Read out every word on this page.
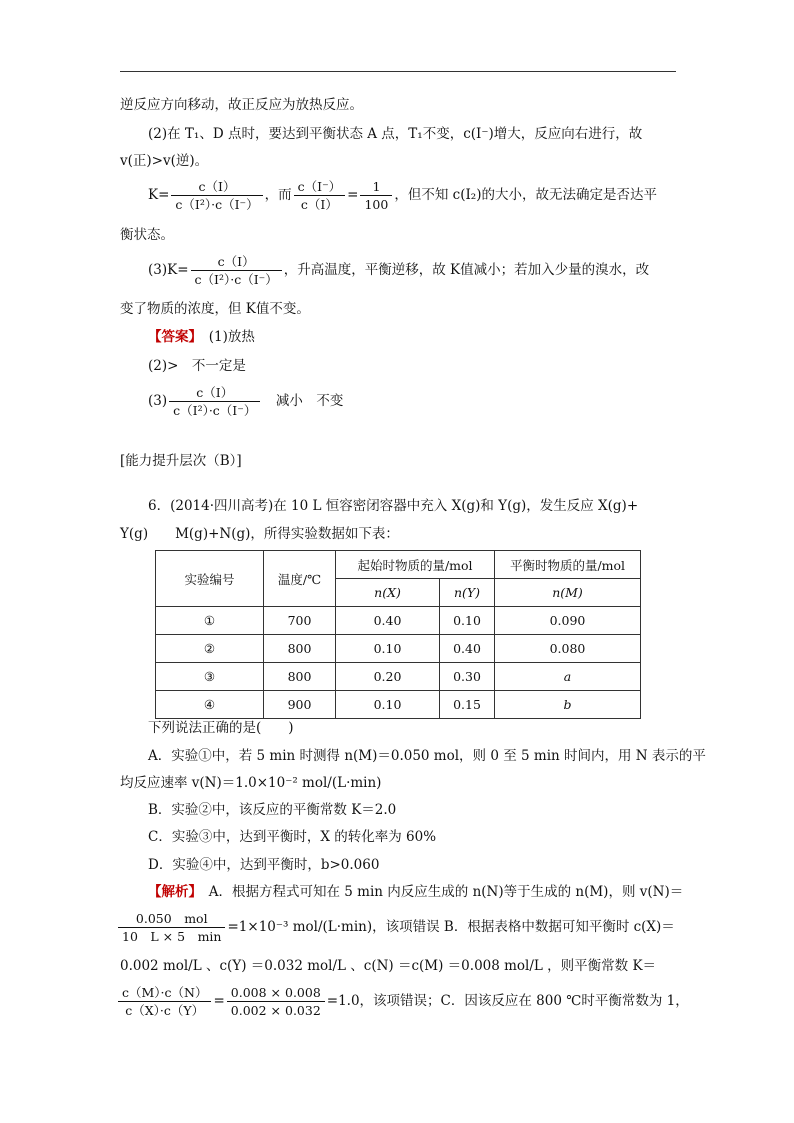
逆反应方向移动，故正反应为放热反应。
(2)在 T₁、D 点时，要达到平衡状态 A 点，T₁不变，c(I⁻)增大，反应向右进行，故
v(正)>v(逆)。
$K= \frac{c(I)}{\text{c（I²）·c（I⁻）}}$ ，而 $\frac{c(I^-)}{c(I)} = \frac{1}{100}$ ，但不知 c(I₂)的大小，故无法确定是否达平
衡状态。
$(3)K= \frac{c(I)}{\text{c（I²）·c（I⁻）}}$ ，升高温度，平衡逆移，故 K值减小；若加入少量的溴水，改
变了物质的浓度，但 K值不变。
【答案】　 (1)放热
(2)>　不一定是
$(3) \frac{c(I)}{\text{c（I²）·c（I⁻）}}$
　 减小　不变
[能力提升层次（B）]
6．(2014·四川高考)在 10 L 恒容密闭容器中充入 X(g)和 Y(g)，发生反应 X(g)+
Y(g)　　M(g)+N(g)，所得实验数据如下表：
实验编号	温度/℃	起始时物质的量/mol		平衡时物质的量/mol
		n(X)	n(Y)	n(M)
①	700	0.40	0.10	0.090
②	800	0.10	0.40	0.080
③	800	0.20	0.30	a
④	900	0.10	0.15	b
下列说法正确的是(　　)
A．实验①中，若 5 min 时测得 n(M)＝0.050 mol，则 0 至 5 min 时间内，用 N 表示的平
均反应速率 v(N)＝1.0×10⁻² mol/(L·min)
B．实验②中，该反应的平衡常数 K＝2.0
C．实验③中，达到平衡时，X 的转化率为 60%
D．实验④中，达到平衡时，b>0.060
【解析】　 A．根据方程式可知在 5 min 内反应生成的 n(N)等于生成的 n(M)，则 v(N)＝
$\frac{\text{0.050　mol}}{10 L \times 5 \min} =1\times 10^{-3}$ mol/(L·min)，该项错误 B．根据表格中数据可知平衡时 c(X)＝
0.002 mol/L 、c(Y) ＝0.032 mol/L 、c(N) ＝c(M) ＝0.008 mol/L ，则平衡常数 K＝
$\frac{c(M)\cdot c(N)}{c(X)\cdot c(Y)} = \frac{0.008 \times 0.008}{0.002 \times 0.032} =1.0$，该项错误；C．因该反应在 800 ℃时平衡常数为 1，
